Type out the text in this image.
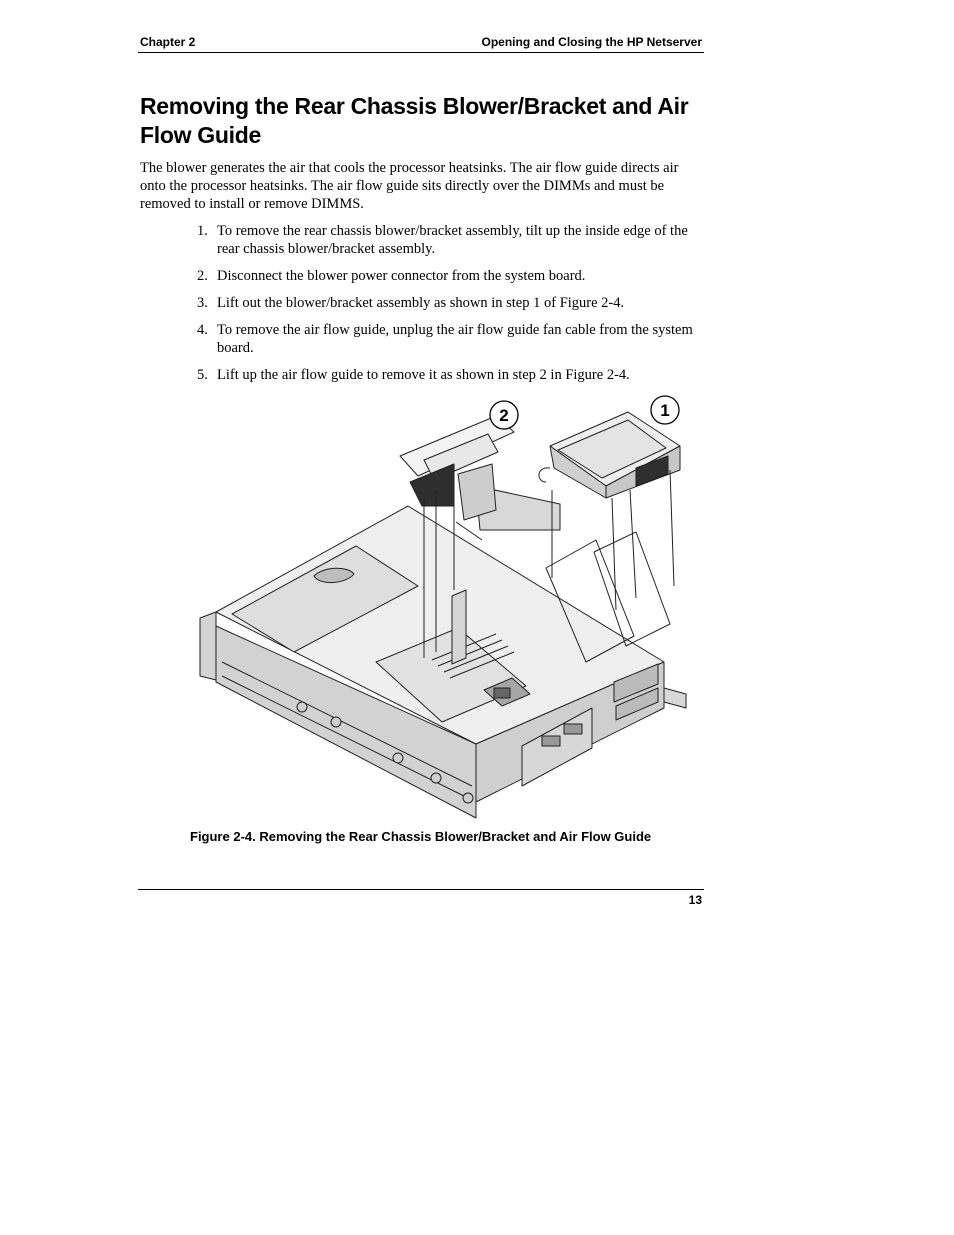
Chapter 2	Opening and Closing the HP Netserver
Removing the Rear Chassis Blower/Bracket and Air Flow Guide

The blower generates the air that cools the processor heatsinks. The air flow guide directs air onto the processor heatsinks. The air flow guide sits directly over the DIMMs and must be removed to install or remove DIMMS.

1. To remove the rear chassis blower/bracket assembly, tilt up the inside edge of the rear chassis blower/bracket assembly.
2. Disconnect the blower power connector from the system board.
3. Lift out the blower/bracket assembly as shown in step 1 of Figure 2-4.
4. To remove the air flow guide, unplug the air flow guide fan cable from the system board.
5. Lift up the air flow guide to remove it as shown in step 2 in Figure 2-4.
2	1

Figure 2-4. Removing the Rear Chassis Blower/Bracket and Air Flow Guide

13
